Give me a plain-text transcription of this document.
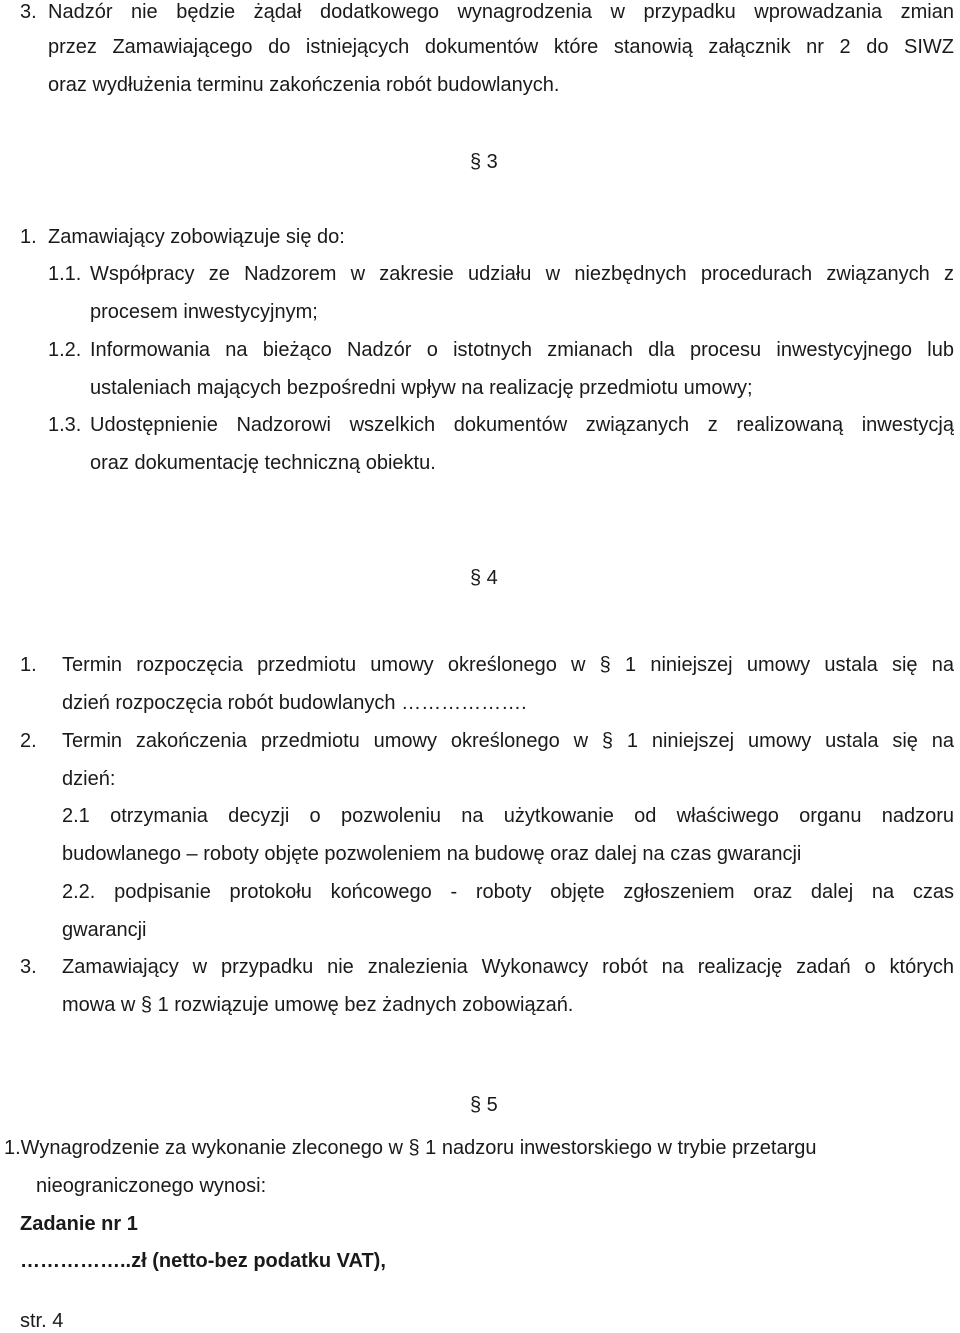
3. Nadzór nie będzie żądał dodatkowego wynagrodzenia w przypadku wprowadzania zmian
przez Zamawiającego do istniejących dokumentów które stanowią załącznik nr 2 do SIWZ
oraz wydłużenia terminu zakończenia robót budowlanych.
§ 3
1. Zamawiający zobowiązuje się do:
1.1. Współpracy ze Nadzorem w zakresie udziału w niezbędnych procedurach związanych z
procesem inwestycyjnym;
1.2. Informowania na bieżąco Nadzór o istotnych zmianach dla procesu inwestycyjnego lub
ustaleniach mających bezpośredni wpływ na realizację przedmiotu umowy;
1.3. Udostępnienie Nadzorowi wszelkich dokumentów związanych z realizowaną inwestycją
oraz dokumentację techniczną obiektu.
§ 4
1. Termin rozpoczęcia przedmiotu umowy określonego w § 1 niniejszej umowy ustala się na
dzień rozpoczęcia robót budowlanych ……………….
2. Termin zakończenia przedmiotu umowy określonego w § 1 niniejszej umowy ustala się na
dzień:
2.1 otrzymania decyzji o pozwoleniu na użytkowanie od właściwego organu nadzoru
budowlanego – roboty objęte pozwoleniem na budowę oraz dalej na czas gwarancji
2.2. podpisanie protokołu końcowego - roboty objęte zgłoszeniem oraz dalej na czas
gwarancji
3. Zamawiający w przypadku nie znalezienia Wykonawcy robót na realizację zadań o których
mowa w § 1 rozwiązuje umowę bez żadnych zobowiązań.
§ 5
1.Wynagrodzenie za wykonanie zleconego w § 1 nadzoru inwestorskiego w trybie przetargu
nieograniczonego wynosi:
Zadanie nr 1
……………..zł (netto-bez podatku VAT),
str. 4
